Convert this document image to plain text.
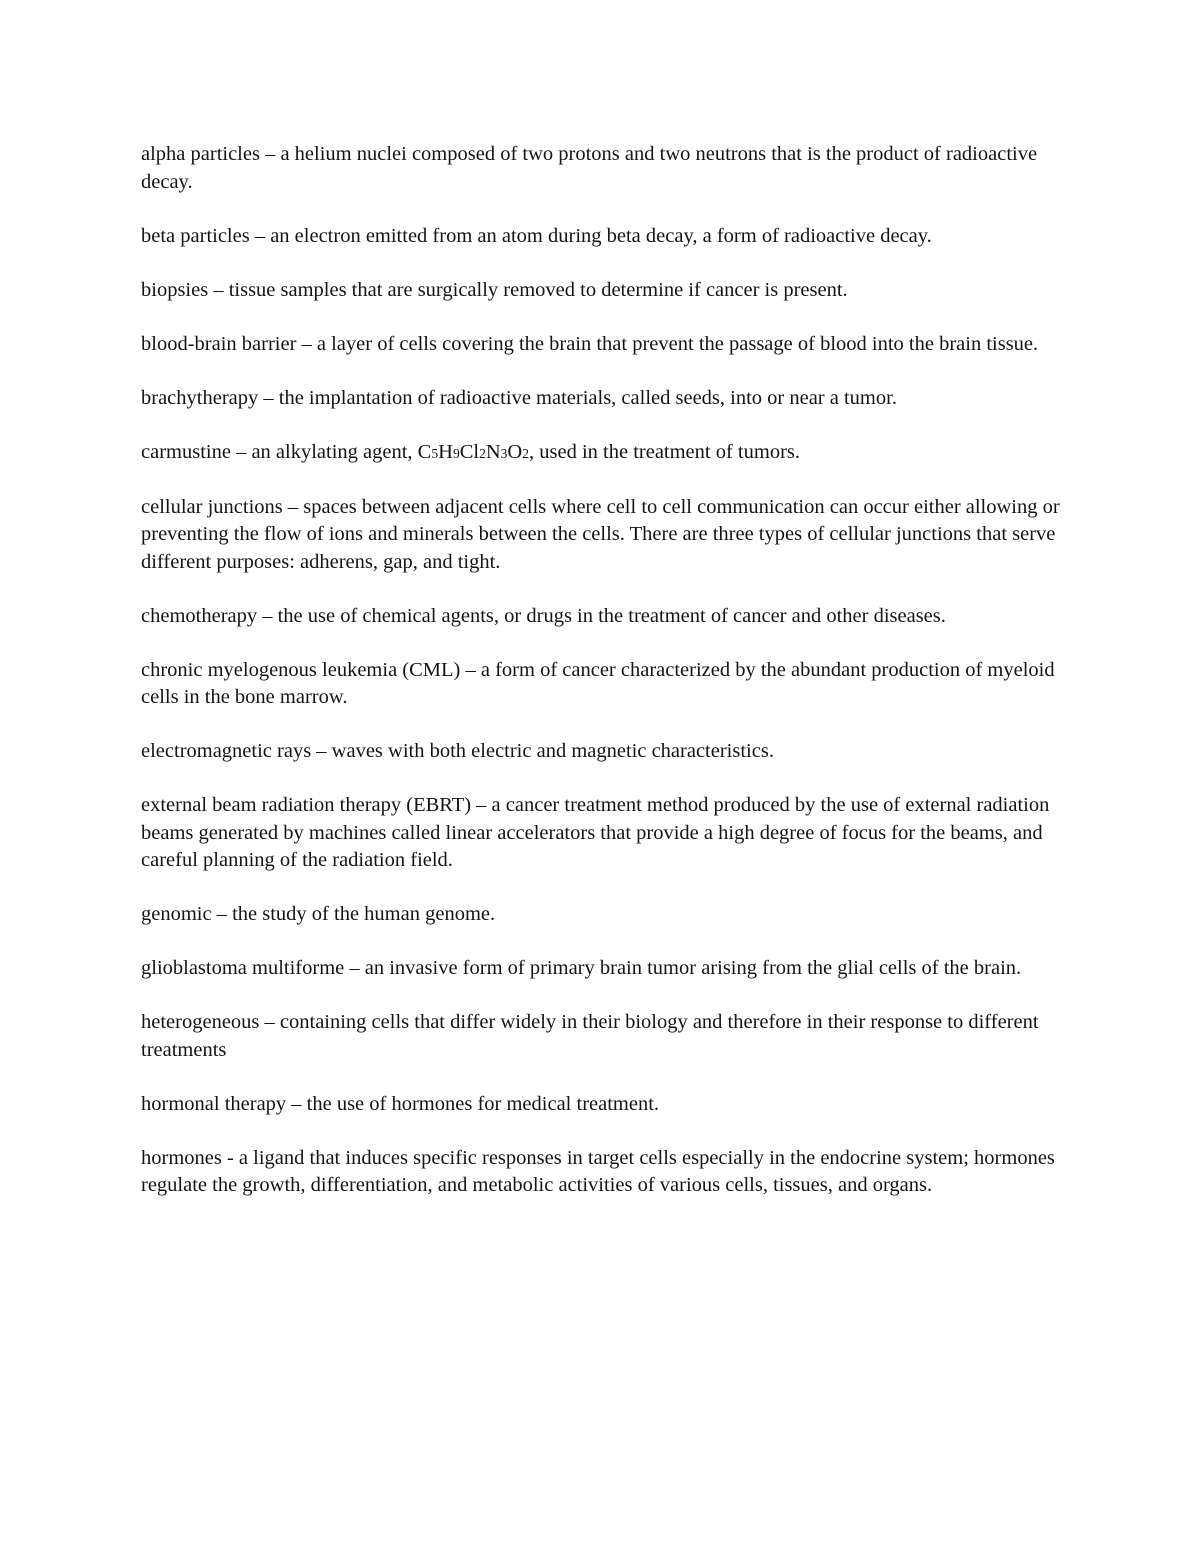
alpha particles – a helium nuclei composed of two protons and two neutrons that is the product of radioactive decay.

beta particles – an electron emitted from an atom during beta decay, a form of radioactive decay.

biopsies – tissue samples that are surgically removed to determine if cancer is present.

blood-brain barrier – a layer of cells covering the brain that prevent the passage of blood into the brain tissue.

brachytherapy – the implantation of radioactive materials, called seeds, into or near a tumor.

carmustine – an alkylating agent, C5H9Cl2N3O2, used in the treatment of tumors.

cellular junctions – spaces between adjacent cells where cell to cell communication can occur either allowing or preventing the flow of ions and minerals between the cells. There are three types of cellular junctions that serve different purposes: adherens, gap, and tight.

chemotherapy – the use of chemical agents, or drugs in the treatment of cancer and other diseases.

chronic myelogenous leukemia (CML) – a form of cancer characterized by the abundant production of myeloid cells in the bone marrow.

electromagnetic rays – waves with both electric and magnetic characteristics.

external beam radiation therapy (EBRT) – a cancer treatment method produced by the use of external radiation beams generated by machines called linear accelerators that provide a high degree of focus for the beams, and careful planning of the radiation field.

genomic – the study of the human genome.

glioblastoma multiforme – an invasive form of primary brain tumor arising from the glial cells of the brain.

heterogeneous – containing cells that differ widely in their biology and therefore in their response to different treatments

hormonal therapy – the use of hormones for medical treatment.

hormones - a ligand that induces specific responses in target cells especially in the endocrine system; hormones regulate the growth, differentiation, and metabolic activities of various cells, tissues, and organs.
